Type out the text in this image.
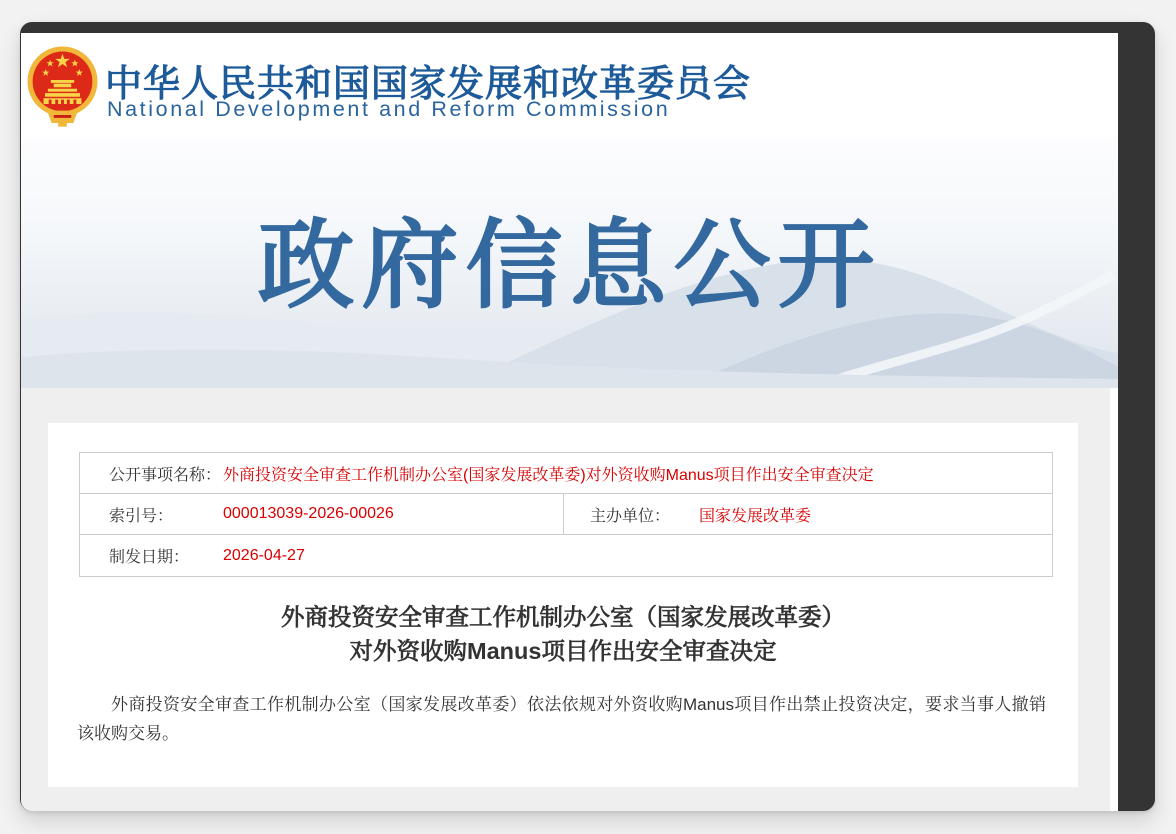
中华人民共和国国家发展和改革委员会
National Development and Reform Commission
政府信息公开
公开事项名称： 外商投资安全审查工作机制办公室(国家发展改革委)对外资收购Manus项目作出安全审查决定
索引号：	000013039-2026-00026	主办单位：	国家发展改革委
制发日期：	2026-04-27
外商投资安全审查工作机制办公室（国家发展改革委）
对外资收购Manus项目作出安全审查决定
外商投资安全审查工作机制办公室（国家发展改革委）依法依规对外资收购Manus项目作出禁止投资决定，要求当事人撤销该收购交易。
